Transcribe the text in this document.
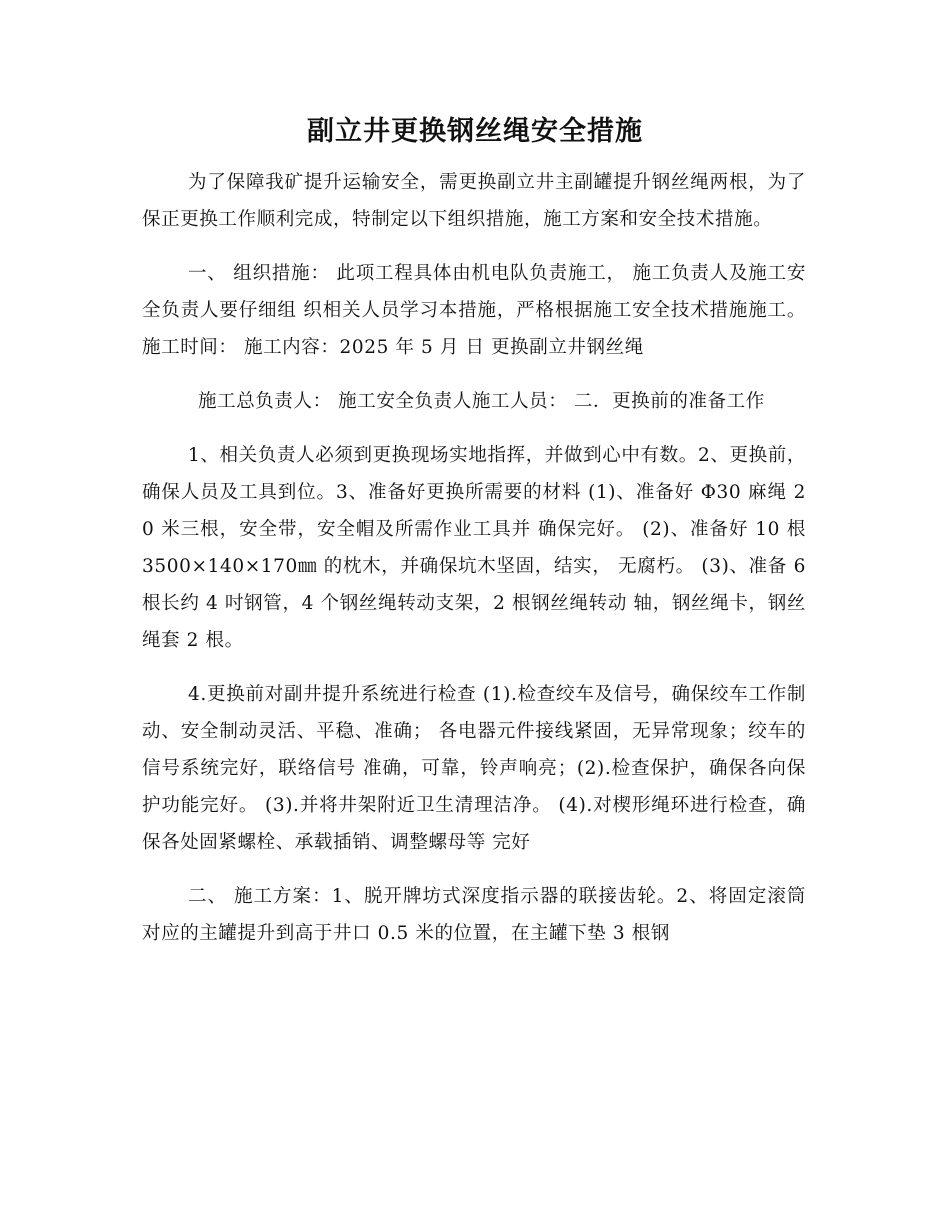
副立井更换钢丝绳安全措施

为了保障我矿提升运输安全，需更换副立井主副罐提升钢丝绳两根，为了 保正更换工作顺利完成，特制定以下组织措施，施工方案和安全技术措施。

一、 组织措施： 此项工程具体由机电队负责施工， 施工负责人及施工安全负责人要仔细组 织相关人员学习本措施，严格根据施工安全技术措施施工。 施工时间： 施工内容：2025 年 5 月 日 更换副立井钢丝绳

施工总负责人： 施工安全负责人施工人员： 二．更换前的准备工作

1、相关负责人必须到更换现场实地指挥，并做到心中有数。2、更换前，确保人员及工具到位。3、准备好更换所需要的材料 (1)、准备好 Φ30 麻绳 20 米三根，安全带，安全帽及所需作业工具并 确保完好。 (2)、准备好 10 根 3500×140×170㎜ 的枕木，并确保坑木坚固，结实， 无腐朽。 (3)、准备 6 根长约 4 吋钢管，4 个钢丝绳转动支架，2 根钢丝绳转动 轴，钢丝绳卡，钢丝绳套 2 根。

4.更换前对副井提升系统进行检查 (1).检查绞车及信号，确保绞车工作制动、安全制动灵活、平稳、准确； 各电器元件接线紧固，无异常现象；绞车的信号系统完好，联络信号 准确，可靠，铃声响亮；(2).检查保护，确保各向保护功能完好。 (3).并将井架附近卫生清理洁净。 (4).对楔形绳环进行检查，确保各处固紧螺栓、承载插销、调整螺母等 完好

二、 施工方案：1、脱开牌坊式深度指示器的联接齿轮。2、将固定滚筒对应的主罐提升到高于井口 0.5 米的位置，在主罐下垫 3 根钢
